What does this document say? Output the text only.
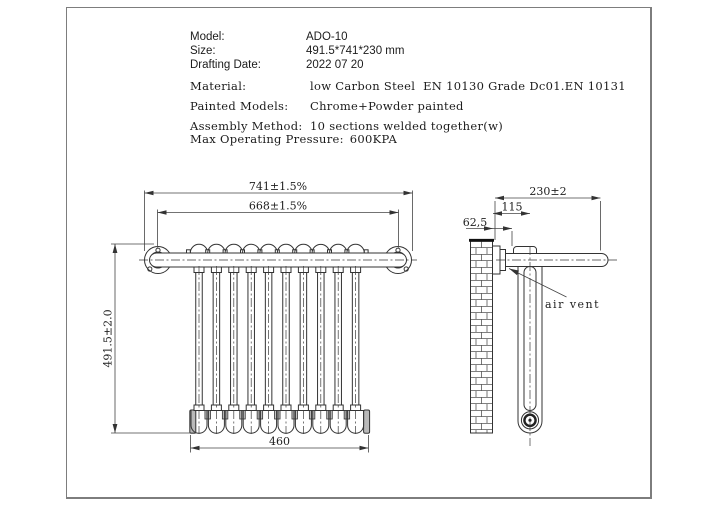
Model:	ADO-10
Size:	491.5*741*230 mm
Drafting Date:	2022 07 20
Material:	low Carbon Steel  EN 10130 Grade Dc01.EN 10131
Painted Models: Chrome+Powder painted
Assembly Method: 10 sections welded together(w)
Max Operating Pressure: 600KPA
741±1.5%
668±1.5%
491.5±2.0
460
230±2
115
62,5
air vent
